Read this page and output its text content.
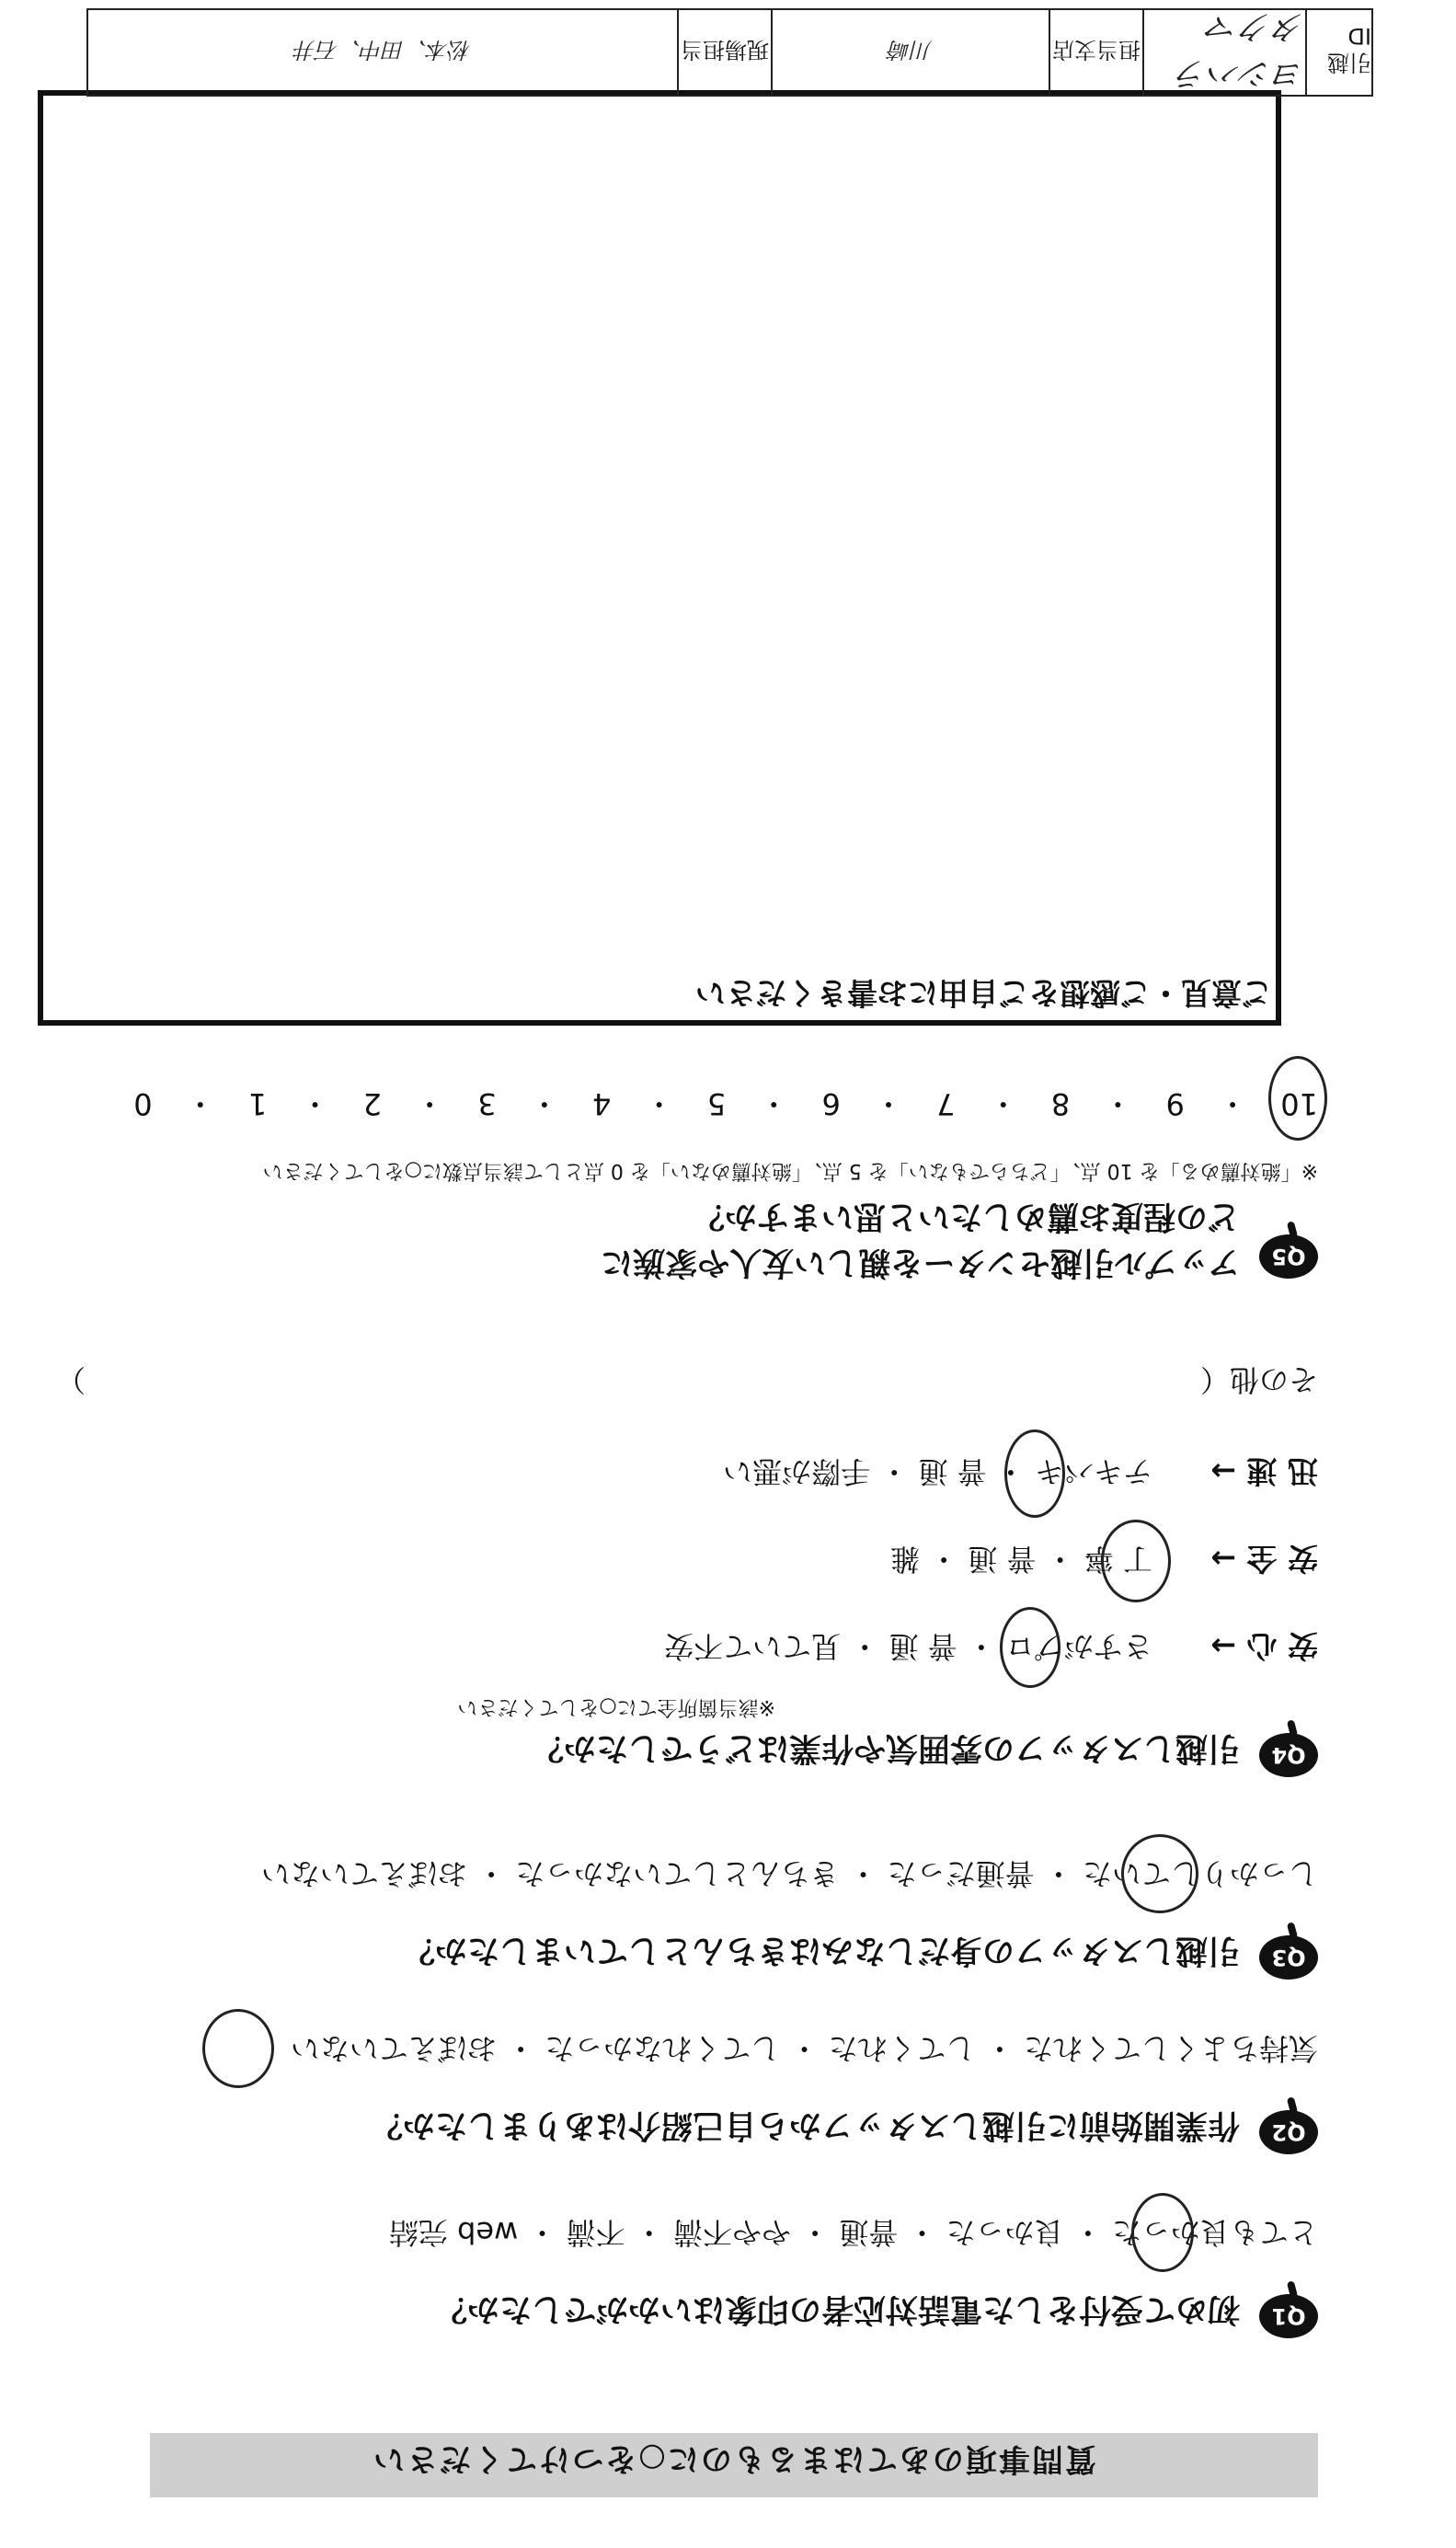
質問事項のあてはまるものに○をつけてください
Q1
初めて受付をした電話対応者の印象はいかがでしたか？
とても良かった ・ 良かった ・ 普通 ・ やや不満 ・ 不満 ・ web 完結
Q2
作業開始前に引越しスタッフから自己紹介はありましたか？
気持ちよくしてくれた ・ してくれた ・ してくれなかった ・ おぼえていない
Q3
引越しスタッフの身だしなみはきちんとしていましたか？
しっかりしていた ・ 普通だった ・ きちんとしていなかった ・ おぼえていない
Q4
引越しスタッフの雰囲気や作業はどうでしたか？
※該当箇所全てに○をしてください
安 心 →
さすがプロ ・ 普 通 ・ 見ていて不安
安 全 →
丁 寧 ・ 普 通 ・ 雑
迅 速 →
テキパキ ・ 普 通 ・ 手際が悪い
その他（
）
Q5
アップル引越センターを親しい友人や家族に
どの程度お薦めしたいと思いますか？
※「絶対薦める」を 10 点、「どちらでもない」を 5 点、「絶対薦めない」を 0 点として該当点数に○をしてください
10 ・ 9 ・ 8 ・ 7 ・ 6 ・ 5 ・ 4 ・ 3 ・ 2 ・ 1 ・ 0
ご意見・ご感想をご自由にお書きください
引越 ID
ヨシハラタクマ
担当支店
川崎
現場担当
松本、田中、石井
